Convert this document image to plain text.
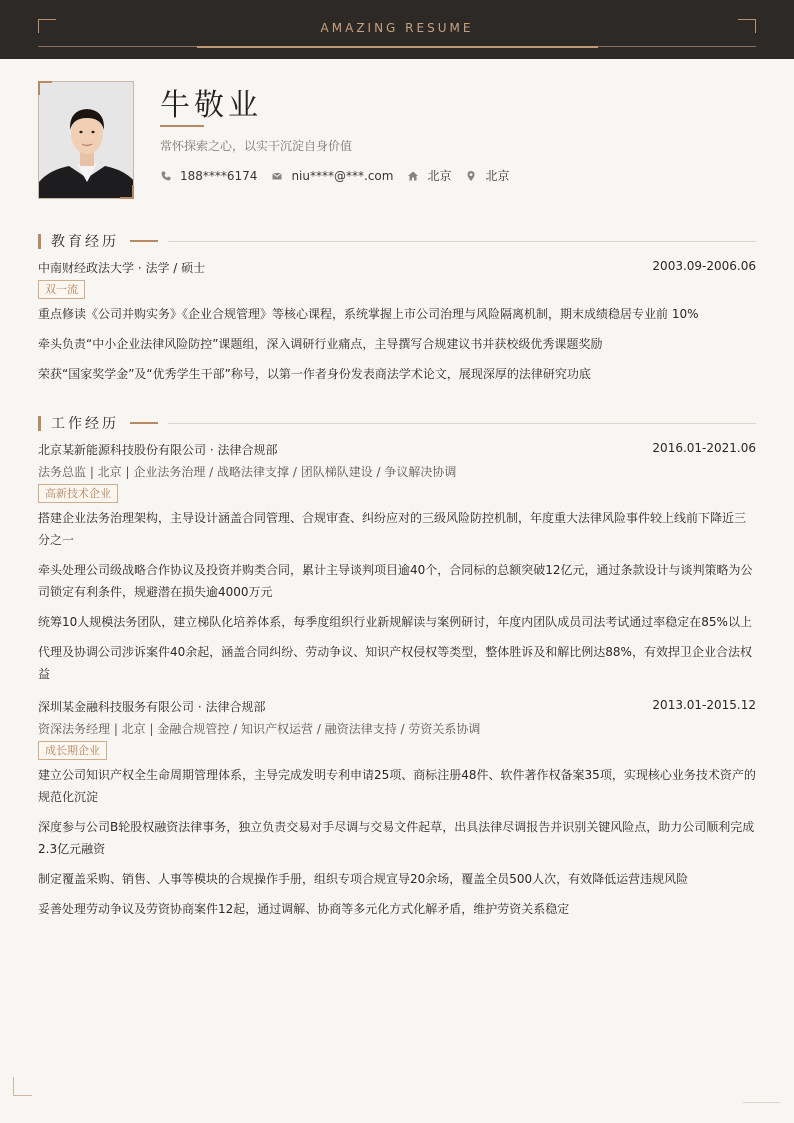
AMAZING RESUME
牛敬业
常怀探索之心，以实干沉淀自身价值
188****6174	niu****@***.com	北京	北京
教育经历
中南财经政法大学 · 法学 / 硕士	2003.09-2006.06
双一流
重点修读《公司并购实务》《企业合规管理》等核心课程，系统掌握上市公司治理与风险隔离机制，期末成绩稳居专业前 10%
牵头负责“中小企业法律风险防控”课题组，深入调研行业痛点，主导撰写合规建议书并获校级优秀课题奖励
荣获“国家奖学金”及“优秀学生干部”称号，以第一作者身份发表商法学术论文，展现深厚的法律研究功底
工作经历
北京某新能源科技股份有限公司 · 法律合规部	2016.01-2021.06
法务总监 | 北京 | 企业法务治理 / 战略法律支撑 / 团队梯队建设 / 争议解决协调
高新技术企业
搭建企业法务治理架构，主导设计涵盖合同管理、合规审查、纠纷应对的三级风险防控机制，年度重大法律风险事件较上线前下降近三分之一
牵头处理公司级战略合作协议及投资并购类合同，累计主导谈判项目逾40个，合同标的总额突破12亿元，通过条款设计与谈判策略为公司锁定有利条件，规避潜在损失逾4000万元
统筹10人规模法务团队，建立梯队化培养体系，每季度组织行业新规解读与案例研讨，年度内团队成员司法考试通过率稳定在85%以上
代理及协调公司涉诉案件40余起，涵盖合同纠纷、劳动争议、知识产权侵权等类型，整体胜诉及和解比例达88%，有效捍卫企业合法权益
深圳某金融科技服务有限公司 · 法律合规部	2013.01-2015.12
资深法务经理 | 北京 | 金融合规管控 / 知识产权运营 / 融资法律支持 / 劳资关系协调
成长期企业
建立公司知识产权全生命周期管理体系，主导完成发明专利申请25项、商标注册48件、软件著作权备案35项，实现核心业务技术资产的规范化沉淀
深度参与公司B轮股权融资法律事务，独立负责交易对手尽调与交易文件起草，出具法律尽调报告并识别关键风险点，助力公司顺利完成2.3亿元融资
制定覆盖采购、销售、人事等模块的合规操作手册，组织专项合规宣导20余场，覆盖全员500人次，有效降低运营违规风险
妥善处理劳动争议及劳资协商案件12起，通过调解、协商等多元化方式化解矛盾，维护劳资关系稳定
